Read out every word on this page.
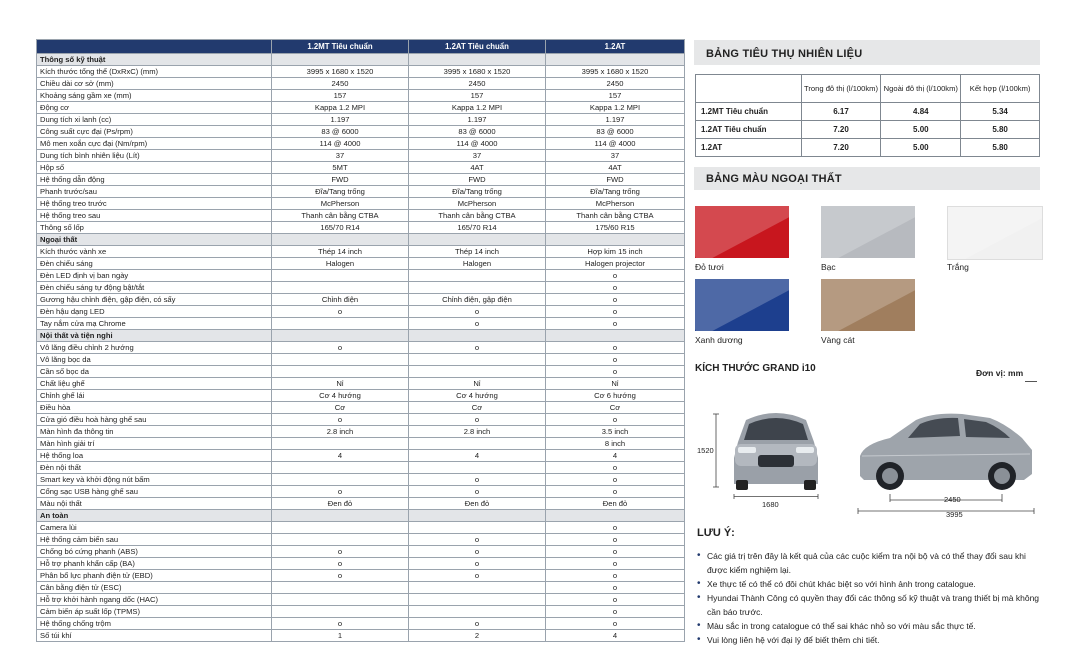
	1.2MT Tiêu chuẩn	1.2AT Tiêu chuẩn	1.2AT
Thông số kỹ thuật			
Kích thước tổng thể (DxRxC) (mm)	3995 x 1680 x 1520	3995 x 1680 x 1520	3995 x 1680 x 1520
Chiều dài cơ sở (mm)	2450	2450	2450
Khoảng sáng gầm xe (mm)	157	157	157
Động cơ	Kappa 1.2 MPI	Kappa 1.2 MPI	Kappa 1.2 MPI
Dung tích xi lanh (cc)	1.197	1.197	1.197
Công suất cực đại (Ps/rpm)	83 @ 6000	83 @ 6000	83 @ 6000
Mô men xoắn cực đại (Nm/rpm)	114 @ 4000	114 @ 4000	114 @ 4000
Dung tích bình nhiên liệu (Lít)	37	37	37
Hộp số	5MT	4AT	4AT
Hệ thống dẫn động	FWD	FWD	FWD
Phanh trước/sau	Đĩa/Tang trống	Đĩa/Tang trống	Đĩa/Tang trống
Hệ thống treo trước	McPherson	McPherson	McPherson
Hệ thống treo sau	Thanh cân bằng CTBA	Thanh cân bằng CTBA	Thanh cân bằng CTBA
Thông số lốp	165/70 R14	165/70 R14	175/60 R15
Ngoại thất			
Kích thước vành xe	Thép 14 inch	Thép 14 inch	Hợp kim 15 inch
Đèn chiếu sáng	Halogen	Halogen	Halogen projector
Đèn LED định vị ban ngày			o
Đèn chiếu sáng tự động bật/tắt			o
Gương hậu chỉnh điện, gập điện, có sấy	Chỉnh điện	Chỉnh điện, gập điện	o
Đèn hậu dạng LED	o	o	o
Tay nắm cửa mạ Chrome		o	o
Nội thất và tiện nghi			
Vô lăng điều chỉnh 2 hướng	o	o	o
Vô lăng bọc da			o
Cần số bọc da			o
Chất liệu ghế	Nỉ	Nỉ	Nỉ
Chỉnh ghế lái	Cơ 4 hướng	Cơ 4 hướng	Cơ 6 hướng
Điều hòa	Cơ	Cơ	Cơ
Cửa gió điều hoà hàng ghế sau	o	o	o
Màn hình đa thông tin	2.8 inch	2.8 inch	3.5 inch
Màn hình giải trí			8 inch
Hệ thống loa	4	4	4
Đèn nội thất			o
Smart key và khởi động nút bấm		o	o
Cổng sạc USB hàng ghế sau	o	o	o
Màu nội thất	Đen đỏ	Đen đỏ	Đen đỏ
An toàn			
Camera lùi			o
Hệ thống cảm biến sau		o	o
Chống bó cứng phanh (ABS)	o	o	o
Hỗ trợ phanh khẩn cấp (BA)	o	o	o
Phân bổ lực phanh điện tử (EBD)	o	o	o
Cân bằng điện tử (ESC)			o
Hỗ trợ khởi hành ngang dốc (HAC)			o
Cảm biến áp suất lốp (TPMS)			o
Hệ thống chống trộm	o	o	o
Số túi khí	1	2	4
BẢNG TIÊU THỤ NHIÊN LIỆU
	Trong đô thị (l/100km)	Ngoài đô thị (l/100km)	Kết hợp (l/100km)
1.2MT Tiêu chuẩn	6.17	4.84	5.34
1.2AT Tiêu chuẩn	7.20	5.00	5.80
1.2AT	7.20	5.00	5.80
BẢNG MÀU NGOẠI THẤT
Đỏ tươi	Bạc	Trắng
Xanh dương	Vàng cát
KÍCH THƯỚC GRAND i10	Đơn vị: mm
1520
1680
2450
3995
LƯU Ý:
• Các giá trị trên đây là kết quả của các cuộc kiểm tra nội bộ và có thể thay đổi sau khi được kiểm nghiệm lại.
• Xe thực tế có thể có đôi chút khác biệt so với hình ảnh trong catalogue.
• Hyundai Thành Công có quyền thay đổi các thông số kỹ thuật và trang thiết bị mà không cần báo trước.
• Màu sắc in trong catalogue có thể sai khác nhỏ so với màu sắc thực tế.
• Vui lòng liên hệ với đại lý để biết thêm chi tiết.
